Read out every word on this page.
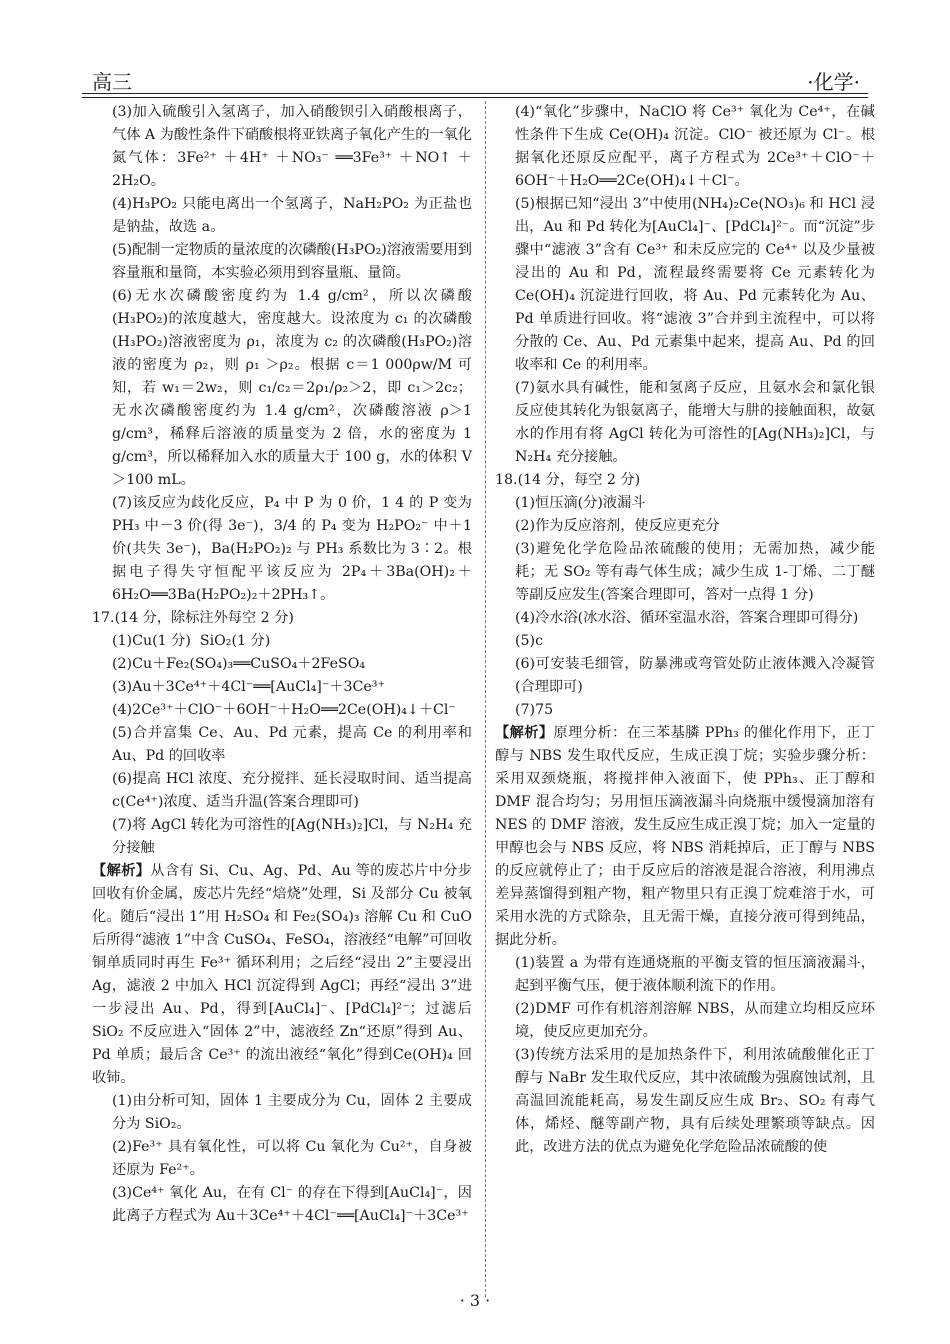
高三	·化学·
(3)加入硫酸引入氢离子，加入硝酸钡引入硝酸根离子，气体 A 为酸性条件下硝酸根将亚铁离子氧化产生的一氧化氮气体：3Fe²⁺ ＋4H⁺ ＋NO₃⁻ ══3Fe³⁺ ＋NO↑ ＋2H₂O。
(4)H₃PO₂ 只能电离出一个氢离子，NaH₂PO₂ 为正盐也是钠盐，故选 a。
(5)配制一定物质的量浓度的次磷酸(H₃PO₂)溶液需要用到容量瓶和量筒，本实验必须用到容量瓶、量筒。
(6)无水次磷酸密度约为 1.4 g/cm²，所以次磷酸(H₃PO₂)的浓度越大，密度越大。设浓度为 c₁ 的次磷酸(H₃PO₂)溶液密度为 ρ₁，浓度为 c₂ 的次磷酸(H₃PO₂)溶液的密度为 ρ₂，则 ρ₁ ＞ρ₂。根据 c＝1 000ρw/M 可知，若 w₁＝2w₂，则 c₁/c₂＝2ρ₁/ρ₂＞2，即 c₁＞2c₂；无水次磷酸密度约为 1.4 g/cm²，次磷酸溶液 ρ＞1 g/cm³，稀释后溶液的质量变为 2 倍，水的密度为 1 g/cm³，所以稀释加入水的质量大于 100 g，水的体积 V＞100 mL。
(7)该反应为歧化反应，P₄ 中 P 为 0 价，1 4 的 P 变为 PH₃ 中－3 价(得 3e⁻)，3/4 的 P₄ 变为 H₂PO₂⁻ 中＋1 价(共失 3e⁻)，Ba(H₂PO₂)₂ 与 PH₃ 系数比为 3∶2。根据电子得失守恒配平该反应为 2P₄＋3Ba(OH)₂＋6H₂O══3Ba(H₂PO₂)₂＋2PH₃↑。
17.(14 分，除标注外每空 2 分)
(1)Cu(1 分)  SiO₂(1 分)
(2)Cu＋Fe₂(SO₄)₃══CuSO₄＋2FeSO₄
(3)Au＋3Ce⁴⁺＋4Cl⁻══[AuCl₄]⁻＋3Ce³⁺
(4)2Ce³⁺＋ClO⁻＋6OH⁻＋H₂O══2Ce(OH)₄↓＋Cl⁻
(5)合并富集 Ce、Au、Pd 元素，提高 Ce 的利用率和 Au、Pd 的回收率
(6)提高 HCl 浓度、充分搅拌、延长浸取时间、适当提高 c(Ce⁴⁺)浓度、适当升温(答案合理即可)
(7)将 AgCl 转化为可溶性的[Ag(NH₃)₂]Cl，与 N₂H₄ 充分接触
【解析】从含有 Si、Cu、Ag、Pd、Au 等的废芯片中分步回收有价金属，废芯片先经“焙烧”处理，Si 及部分 Cu 被氧化。随后“浸出 1”用 H₂SO₄ 和 Fe₂(SO₄)₃ 溶解 Cu 和 CuO 后所得“滤液 1”中含 CuSO₄、FeSO₄，溶液经“电解”可回收铜单质同时再生 Fe³⁺ 循环利用；之后经“浸出 2”主要浸出 Ag，滤液 2 中加入 HCl 沉淀得到 AgCl；再经“浸出 3”进一步浸出 Au、Pd，得到[AuCl₄]⁻、[PdCl₄]²⁻；过滤后 SiO₂ 不反应进入“固体 2”中，滤液经 Zn“还原”得到 Au、Pd 单质；最后含 Ce³⁺ 的流出液经“氧化”得到Ce(OH)₄ 回收铈。
(1)由分析可知，固体 1 主要成分为 Cu，固体 2 主要成分为 SiO₂。
(2)Fe³⁺ 具有氧化性，可以将 Cu 氧化为 Cu²⁺，自身被还原为 Fe²⁺。
(3)Ce⁴⁺ 氧化 Au，在有 Cl⁻ 的存在下得到[AuCl₄]⁻，因此离子方程式为 Au＋3Ce⁴⁺＋4Cl⁻══[AuCl₄]⁻＋3Ce³⁺
(4)“氧化”步骤中，NaClO 将 Ce³⁺ 氧化为 Ce⁴⁺，在碱性条件下生成 Ce(OH)₄ 沉淀。ClO⁻ 被还原为 Cl⁻。根据氧化还原反应配平，离子方程式为 2Ce³⁺＋ClO⁻＋6OH⁻＋H₂O══2Ce(OH)₄↓＋Cl⁻。
(5)根据已知“浸出 3”中使用(NH₄)₂Ce(NO₃)₆ 和 HCl 浸出，Au 和 Pd 转化为[AuCl₄]⁻、[PdCl₄]²⁻。而“沉淀”步骤中“滤液 3”含有 Ce³⁺ 和未反应完的 Ce⁴⁺ 以及少量被浸出的 Au 和 Pd，流程最终需要将 Ce 元素转化为 Ce(OH)₄ 沉淀进行回收，将 Au、Pd 元素转化为 Au、Pd 单质进行回收。将“滤液 3”合并到主流程中，可以将分散的 Ce、Au、Pd 元素集中起来，提高 Au、Pd 的回收率和 Ce 的利用率。
(7)氨水具有碱性，能和氢离子反应，且氨水会和氯化银反应使其转化为银氨离子，能增大与肼的接触面积，故氨水的作用有将 AgCl 转化为可溶性的[Ag(NH₃)₂]Cl，与 N₂H₄ 充分接触。
18.(14 分，每空 2 分)
(1)恒压滴(分)液漏斗
(2)作为反应溶剂，使反应更充分
(3)避免化学危险品浓硫酸的使用；无需加热，减少能耗；无 SO₂ 等有毒气体生成；减少生成 1-丁烯、二丁醚等副反应发生(答案合理即可，答对一点得 1 分)
(4)冷水浴(冰水浴、循环室温水浴，答案合理即可得分)
(5)c
(6)可安装毛细管，防暴沸或弯管处防止液体溅入冷凝管(合理即可)
(7)75
【解析】原理分析：在三苯基膦 PPh₃ 的催化作用下，正丁醇与 NBS 发生取代反应，生成正溴丁烷；实验步骤分析：采用双颈烧瓶，将搅拌伸入液面下，使 PPh₃、正丁醇和 DMF 混合均匀；另用恒压滴液漏斗向烧瓶中缓慢滴加溶有 NES 的 DMF 溶液，发生反应生成正溴丁烷；加入一定量的甲醇也会与 NBS 反应，将 NBS 消耗掉后，正丁醇与 NBS 的反应就停止了；由于反应后的溶液是混合溶液，利用沸点差异蒸馏得到粗产物，粗产物里只有正溴丁烷难溶于水，可采用水洗的方式除杂，且无需干燥，直接分液可得到纯品，据此分析。
(1)装置 a 为带有连通烧瓶的平衡支管的恒压滴液漏斗，起到平衡气压，便于液体顺利流下的作用。
(2)DMF 可作有机溶剂溶解 NBS，从而建立均相反应环境，使反应更加充分。
(3)传统方法采用的是加热条件下，利用浓硫酸催化正丁醇与 NaBr 发生取代反应，其中浓硫酸为强腐蚀试剂，且高温回流能耗高，易发生副反应生成 Br₂、SO₂ 有毒气体，烯烃、醚等副产物，具有后续处理繁琐等缺点。因此，改进方法的优点为避免化学危险品浓硫酸的使
· 3 ·
